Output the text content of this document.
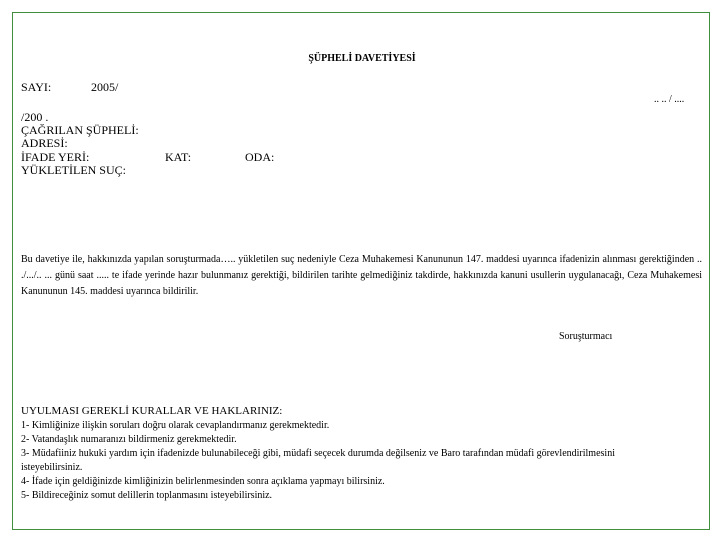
ŞÜPHELİ DAVETİYESİ
SAYI:	2005/
.. .. / ....
/200 .
ÇAĞRILAN ŞÜPHELİ:
ADRESİ:
İFADE YERİ:	KAT:	ODA:
YÜKLETİLEN SUÇ:
Bu davetiye ile, hakkınızda yapılan soruşturmada….. yükletilen suç nedeniyle Ceza Muhakemesi Kanununun 147. maddesi uyarınca ifadenizin alınması gerektiğinden .. ./.../.. ... günü saat ..... te ifade yerinde hazır bulunmanız gerektiği, bildirilen tarihte gelmediğiniz takdirde, hakkınızda kanuni usullerin uygulanacağı, Ceza Muhakemesi Kanununun 145. maddesi uyarınca bildirilir.
Soruşturmacı
UYULMASI GEREKLİ KURALLAR VE HAKLARINIZ:
1- Kimliğinize ilişkin soruları doğru olarak cevaplandırmanız gerekmektedir.
2- Vatandaşlık numaranızı bildirmeniz gerekmektedir.
3- Müdafiiniz hukuki yardım için ifadenizde bulunabileceği gibi, müdafi seçecek durumda değilseniz ve Baro tarafından müdafi görevlendirilmesini isteyebilirsiniz.
4- İfade için geldiğinizde kimliğinizin belirlenmesinden sonra açıklama yapmayı bilirsiniz.
5- Bildireceğiniz somut delillerin toplanmasını isteyebilirsiniz.
